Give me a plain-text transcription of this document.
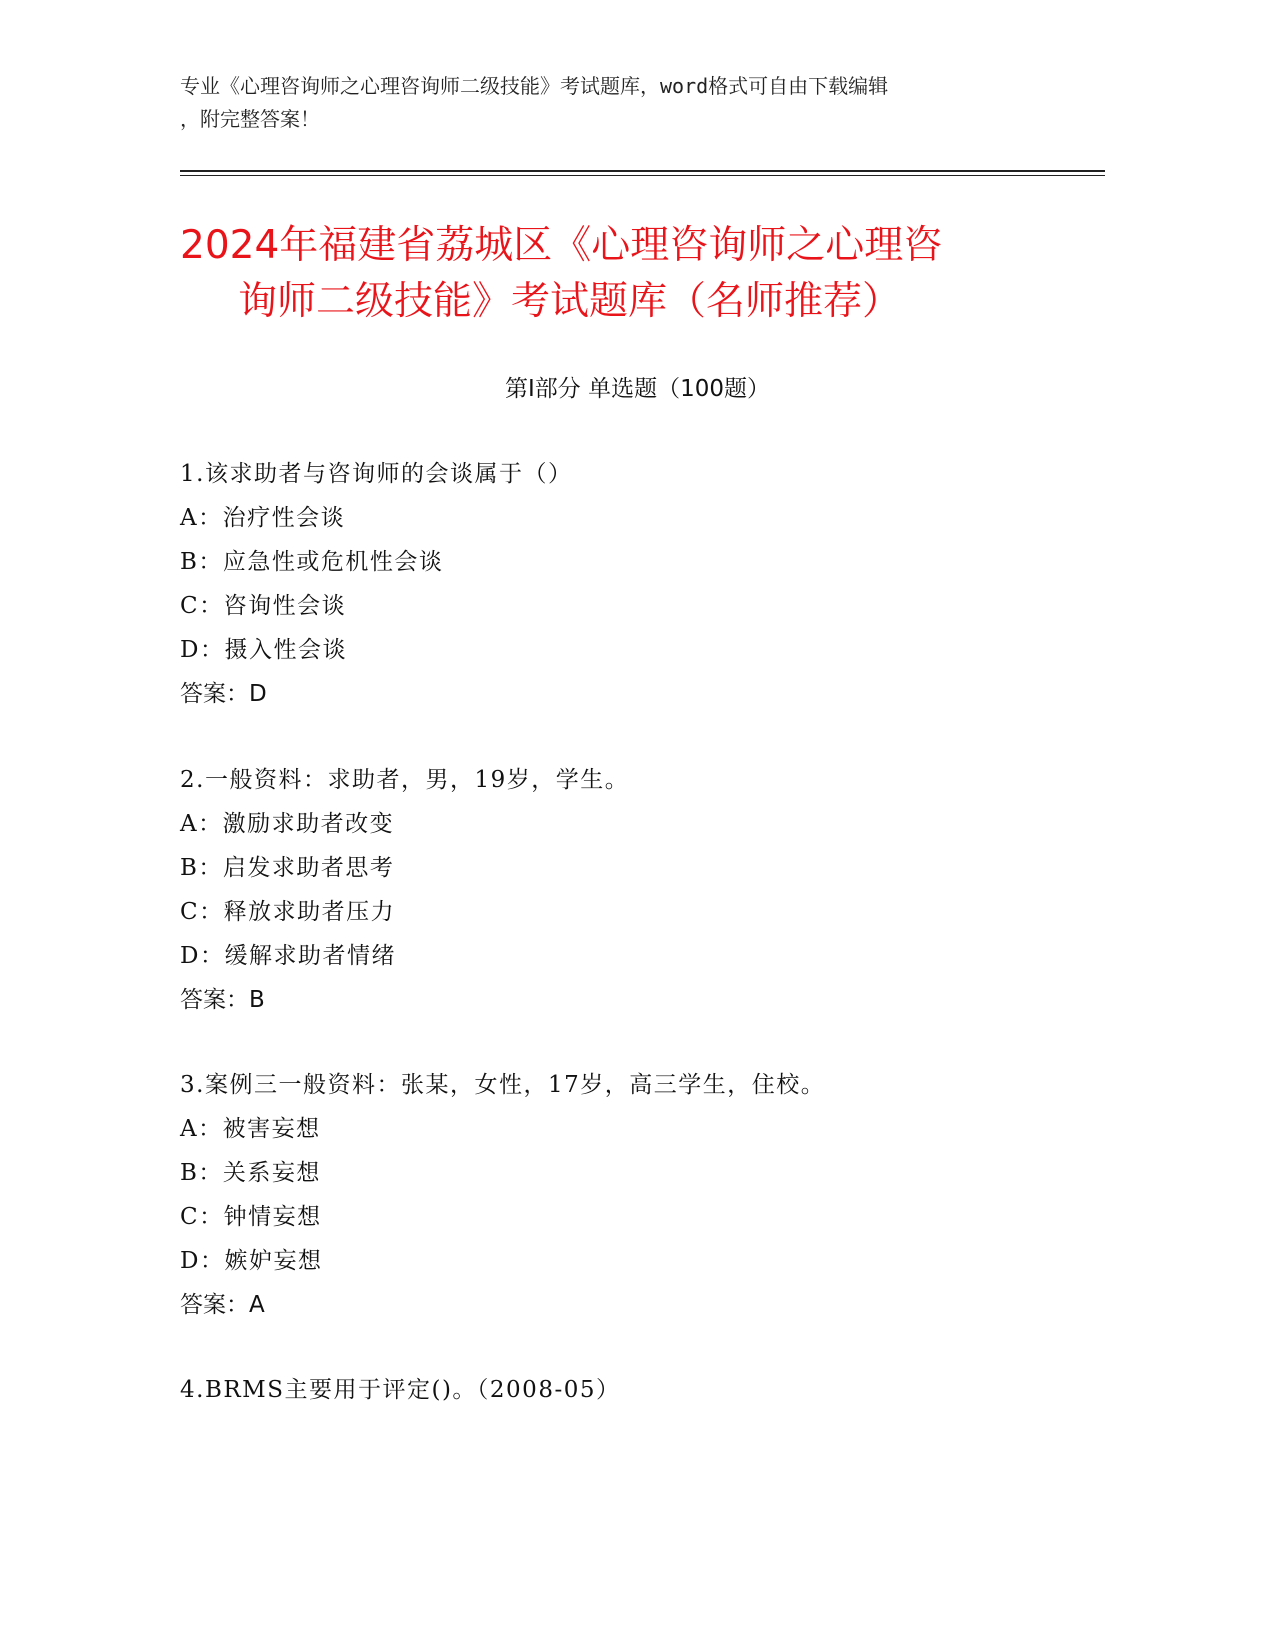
专业《心理咨询师之心理咨询师二级技能》考试题库，word格式可自由下载编辑
，附完整答案！
2024年福建省荔城区《心理咨询师之心理咨
询师二级技能》考试题库（名师推荐）
第Ⅰ部分 单选题（100题）
1.该求助者与咨询师的会谈属于（）
A：治疗性会谈
B：应急性或危机性会谈
C：咨询性会谈
D：摄入性会谈
答案：D
2.一般资料：求助者，男，19岁，学生。
A：激励求助者改变
B：启发求助者思考
C：释放求助者压力
D：缓解求助者情绪
答案：B
3.案例三一般资料：张某，女性，17岁，高三学生，住校。
A：被害妄想
B：关系妄想
C：钟情妄想
D：嫉妒妄想
答案：A
4.BRMS主要用于评定()。（2008-05）
